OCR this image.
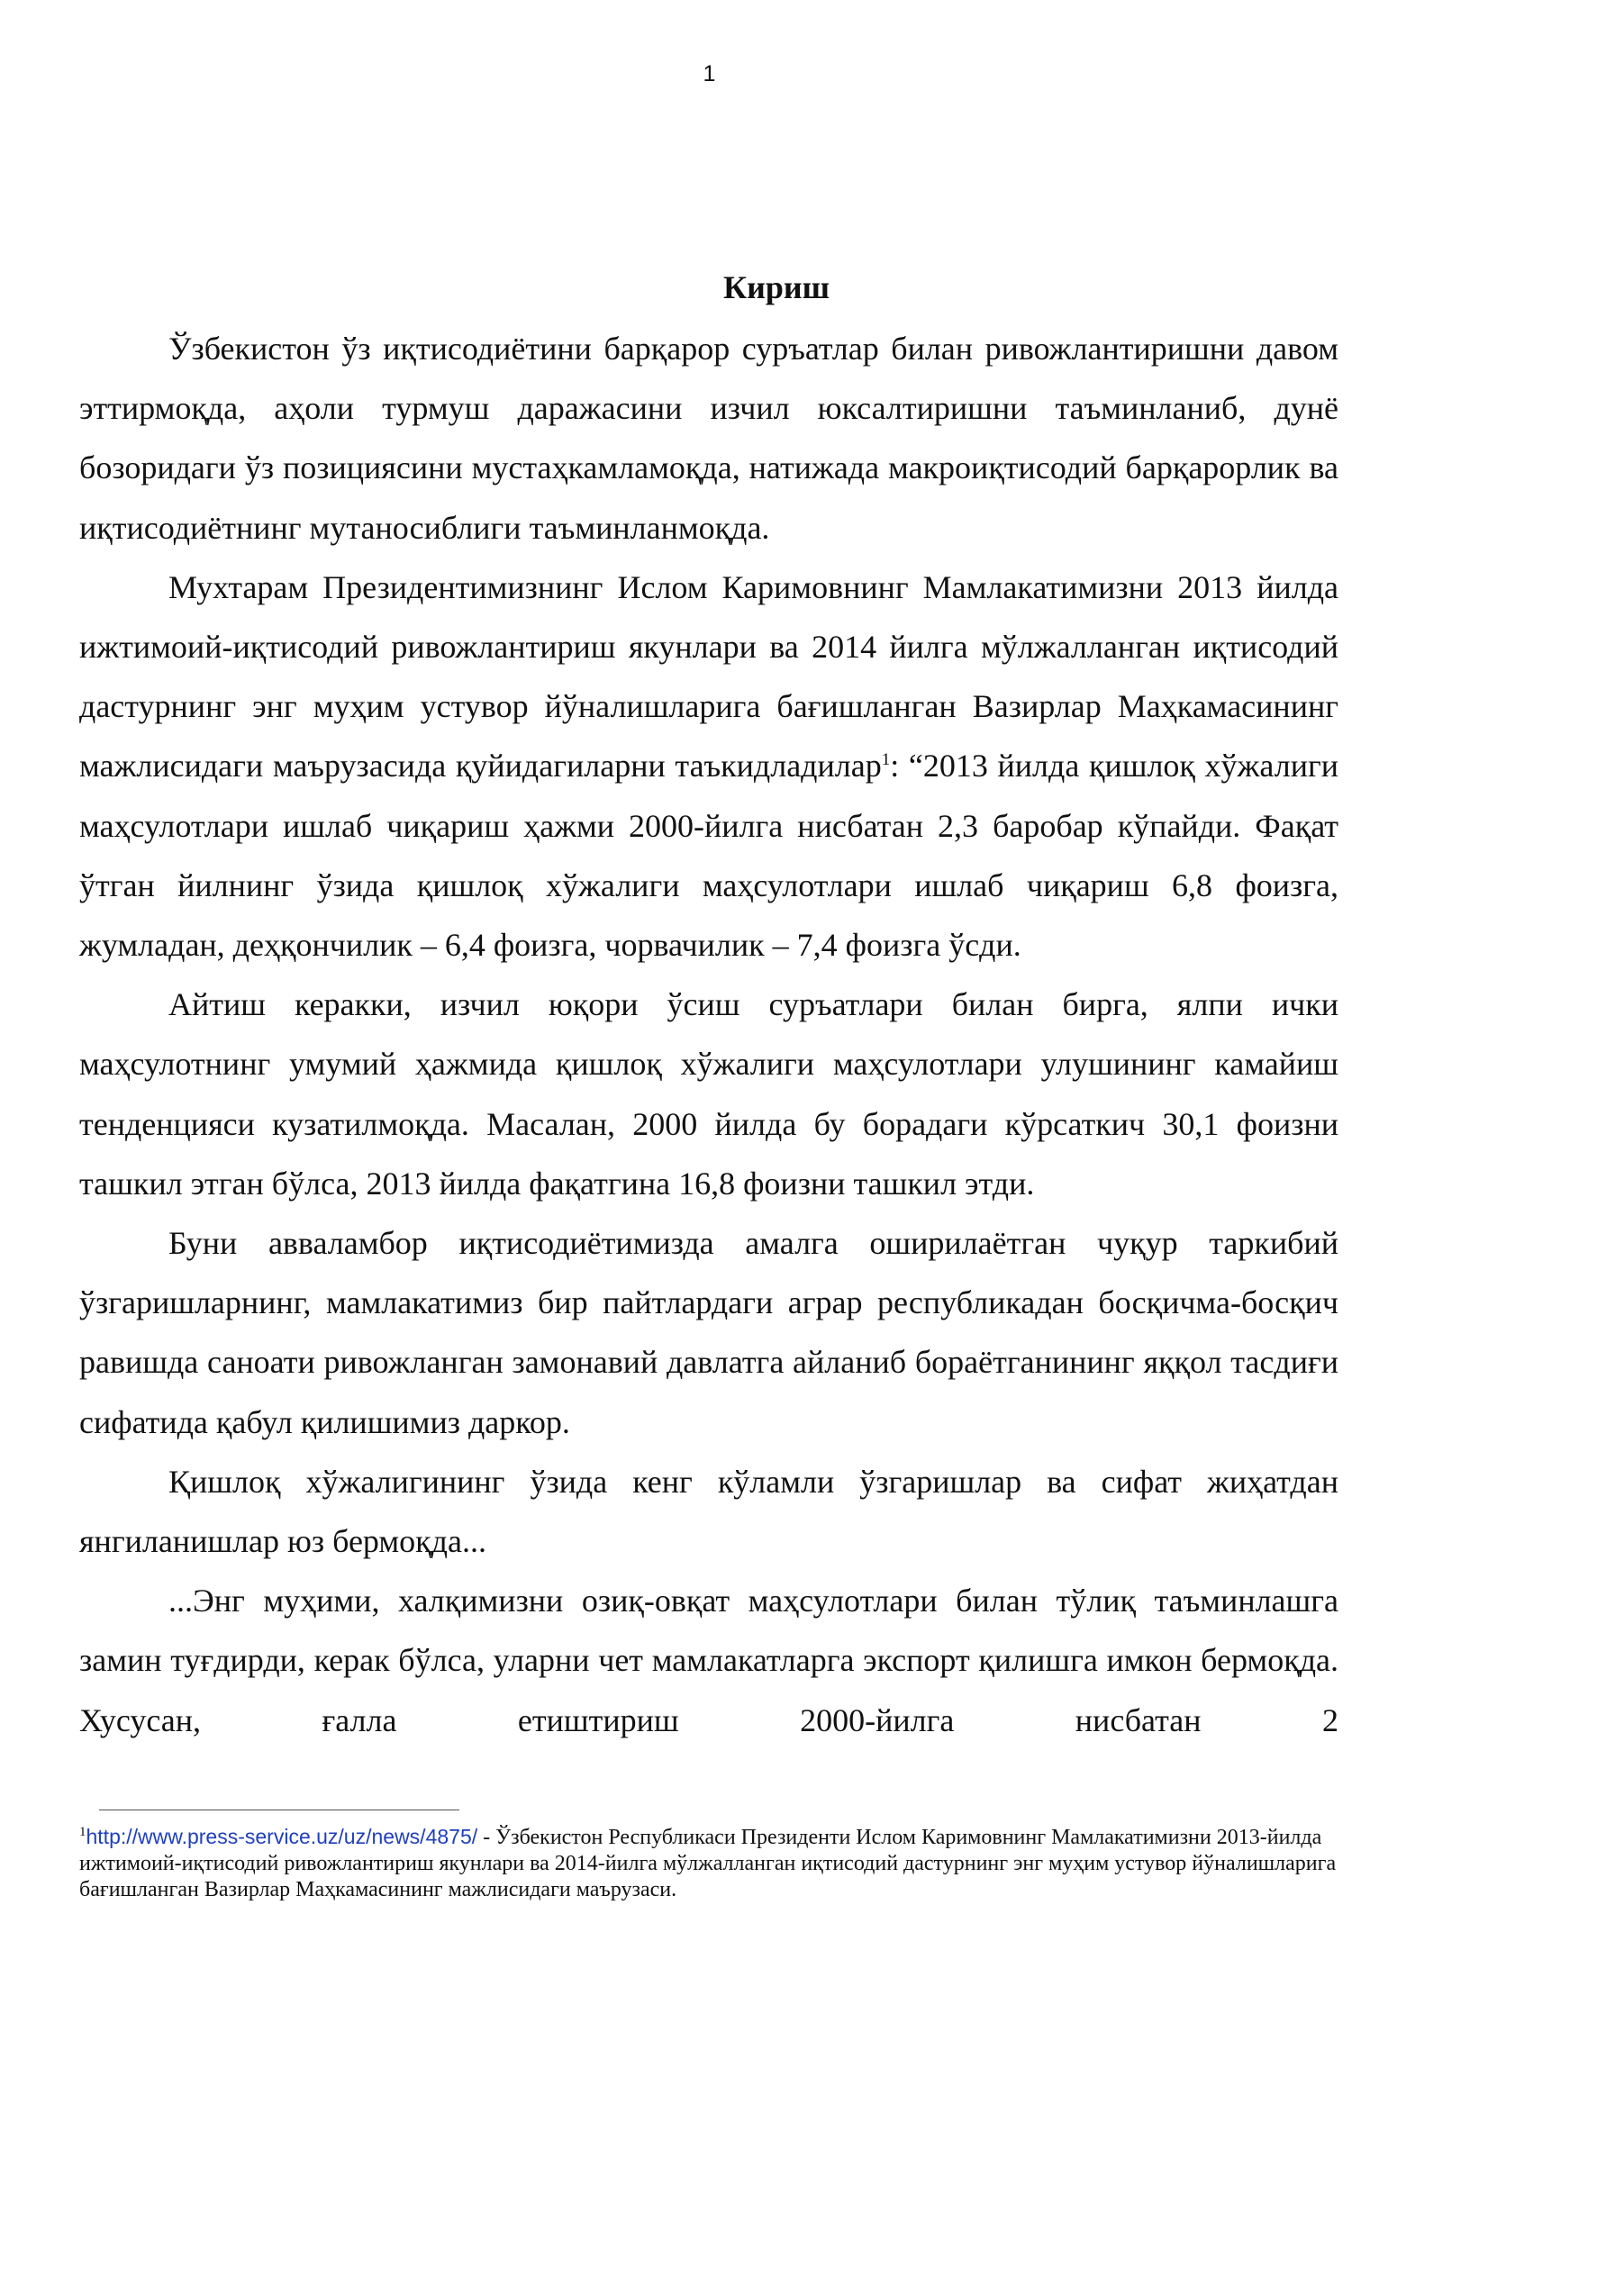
1
Кириш

Ўзбекистон ўз иқтисодиётини барқарор суръатлар билан ривожлантиришни давом эттирмоқда, аҳоли турмуш даражасини изчил юксалтиришни таъминланиб, дунё бозоридаги ўз позициясини мустаҳкамламоқда, натижада макроиқтисодий барқарорлик ва иқтисодиётнинг мутаносиблиги таъминланмоқда.

Мухтарам Президентимизнинг Ислом Каримовнинг Мамлакатимизни 2013 йилда ижтимоий-иқтисодий ривожлантириш якунлари ва 2014 йилга мўлжалланган иқтисодий дастурнинг энг муҳим устувор йўналишларига бағишланган Вазирлар Маҳкамасининг мажлисидаги маърузасида қуйидагиларни таъкидладилар$^1$: “2013 йилда қишлоқ хўжалиги маҳсулотлари ишлаб чиқариш ҳажми 2000-йилга нисбатан 2,3 баробар кўпайди. Фақат ўтган йилнинг ўзида қишлоқ хўжалиги маҳсулотлари ишлаб чиқариш 6,8 фоизга, жумладан, деҳқончилик – 6,4 фоизга, чорвачилик – 7,4 фоизга ўсди.

Айтиш керакки, изчил юқори ўсиш суръатлари билан бирга, ялпи ички маҳсулотнинг умумий ҳажмида қишлоқ хўжалиги маҳсулотлари улушининг камайиш тенденцияси кузатилмоқда. Масалан, 2000 йилда бу борадаги кўрсаткич 30,1 фоизни ташкил этган бўлса, 2013 йилда фақатгина 16,8 фоизни ташкил этди.

Буни авваламбор иқтисодиётимизда амалга оширилаётган чуқур таркибий ўзгаришларнинг, мамлакатимиз бир пайтлардаги аграр республикадан босқичма-босқич равишда саноати ривожланган замонавий давлатга айланиб бораётганининг яққол тасдиғи сифатида қабул қилишимиз даркор.

Қишлоқ хўжалигининг ўзида кенг кўламли ўзгаришлар ва сифат жиҳатдан янгиланишлар юз бермоқда...

...Энг муҳими, халқимизни озиқ-овқат маҳсулотлари билан тўлиқ таъминлашга замин туғдирди, керак бўлса, уларни чет мамлакатларга экспорт қилишга имкон бермоқда. Хусусан, ғалла етиштириш 2000-йилга нисбатан 2

$^1$http://www.press-service.uz/uz/news/4875/ - Ўзбекистон Республикаси Президенти Ислом Каримовнинг Мамлакатимизни 2013-йилда ижтимоий-иқтисодий ривожлантириш якунлари ва 2014-йилга мўлжалланган иқтисодий дастурнинг энг муҳим устувор йўналишларига бағишланган Вазирлар Маҳкамасининг мажлисидаги маърузаси.
